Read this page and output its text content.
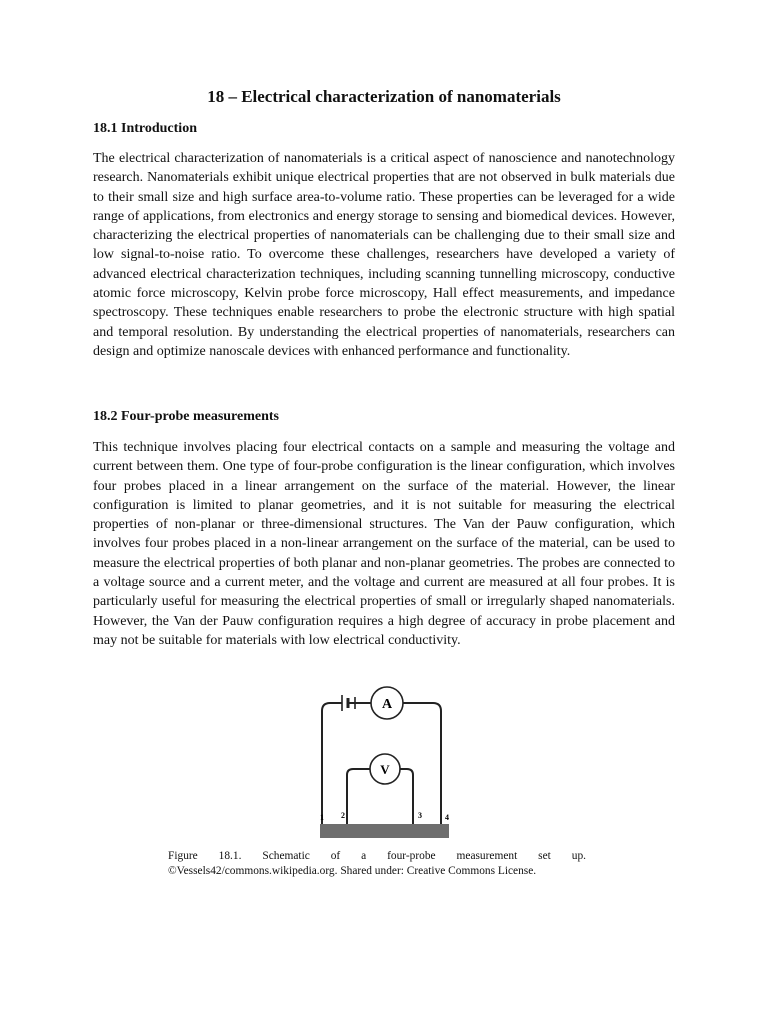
18 – Electrical characterization of nanomaterials
18.1 Introduction

The electrical characterization of nanomaterials is a critical aspect of nanoscience and nanotechnology research. Nanomaterials exhibit unique electrical properties that are not observed in bulk materials due to their small size and high surface area-to-volume ratio. These properties can be leveraged for a wide range of applications, from electronics and energy storage to sensing and biomedical devices. However, characterizing the electrical properties of nanomaterials can be challenging due to their small size and low signal-to-noise ratio. To overcome these challenges, researchers have developed a variety of advanced electrical characterization techniques, including scanning tunnelling microscopy, conductive atomic force microscopy, Kelvin probe force microscopy, Hall effect measurements, and impedance spectroscopy. These techniques enable researchers to probe the electronic structure with high spatial and temporal resolution. By understanding the electrical properties of nanomaterials, researchers can design and optimize nanoscale devices with enhanced performance and functionality.

18.2 Four-probe measurements

This technique involves placing four electrical contacts on a sample and measuring the voltage and current between them. One type of four-probe configuration is the linear configuration, which involves four probes placed in a linear arrangement on the surface of the material. However, the linear configuration is limited to planar geometries, and it is not suitable for measuring the electrical properties of non-planar or three-dimensional structures. The Van der Pauw configuration, which involves four probes placed in a non-linear arrangement on the surface of the material, can be used to measure the electrical properties of both planar and non-planar geometries. The probes are connected to a voltage source and a current meter, and the voltage and current are measured at all four probes. It is particularly useful for measuring the electrical properties of small or irregularly shaped nanomaterials. However, the Van der Pauw configuration requires a high degree of accuracy in probe placement and may not be suitable for materials with low electrical conductivity.

A
V
1 2	3	4

Figure 18.1. Schematic of a four-probe measurement set up. ©Vessels42/commons.wikipedia.org. Shared under: Creative Commons License.
